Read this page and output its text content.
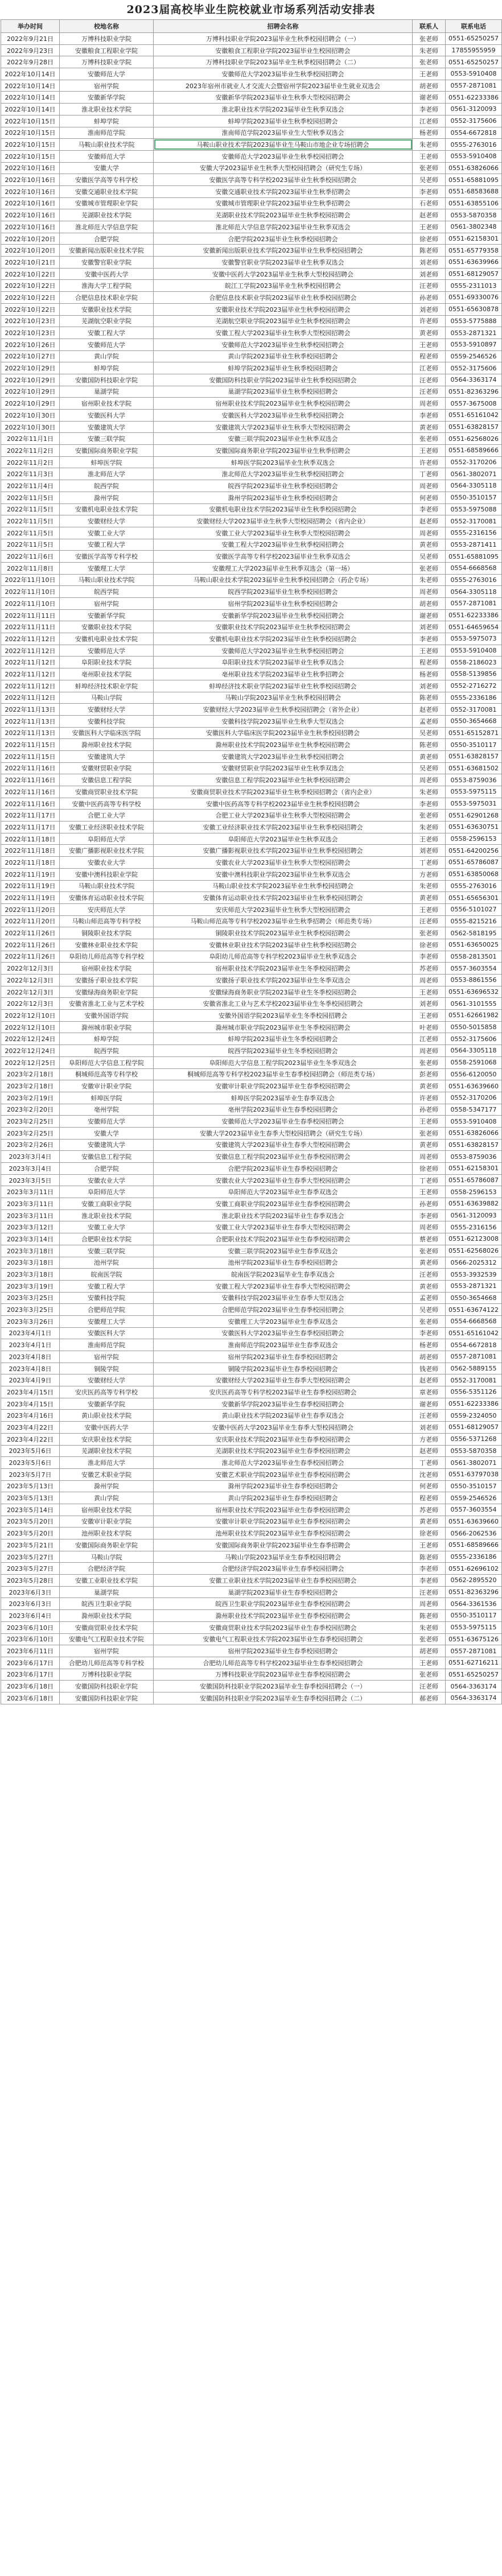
2023届高校毕业生院校就业市场系列活动安排表
举办时间	校地名称	招聘会名称	联系人	联系电话
2022年9月21日	万博科技职业学院	万博科技职业学院2023届毕业生秋季校园招聘会（一）	张老师	0551-65250257
2022年9月23日	安徽粮食工程职业学院	安徽粮食工程职业学院2023届毕业生校园招聘会	朱老师	17855955959
2022年9月28日	万博科技职业学院	万博科技职业学院2023届毕业生秋季校园招聘会（二）	张老师	0551-65250257
2022年10月14日	安徽师范大学	安徽师范大学2023届毕业生秋季校园招聘会	王老师	0553-5910408
2022年10月14日	宿州学院	2023年宿州市就业人才交流大会暨宿州学院2023届毕业生就业双选会	胡老师	0557-2871081
2022年10月14日	安徽新华学院	安徽新华学院2023届毕业生秋季大型校园招聘会	谢老师	0551-62233386
2022年10月14日	淮北职业技术学院	淮北职业技术学院2023届毕业生秋季双选会	李老师	0561-3120093
2022年10月15日	蚌埠学院	蚌埠学院2023届毕业生秋季校园招聘会	江老师	0552-3175606
2022年10月15日	淮南师范学院	淮南师范学院2023届毕业生大型秋季双选会	杨老师	0554-6672818
2022年10月15日	马鞍山职业技术学院	马鞍山职业技术学院2023届毕业生马鞍山市地企业专场招聘会	朱老师	0555-2763016
2022年10月15日	安徽师范大学	安徽师范大学2023届毕业生秋季校园招聘会	王老师	0553-5910408
2022年10月16日	安徽大学	安徽大学2023届毕业生秋季大型校园招聘会（研究生专场）	张老师	0551-63826066
2022年10月16日	安徽医学高等专科学校	安徽医学高等专科学校2023届毕业生秋季校园招聘会	吴老师	0551-65881095
2022年10月16日	安徽交通职业技术学院	安徽交通职业技术学院2023届毕业生秋季招聘会	李老师	0551-68583688
2022年10月16日	安徽城市管理职业学院	安徽城市管理职业学院2023届毕业生秋季招聘会	石老师	0551-63855106
2022年10月16日	芜湖职业技术学院	芜湖职业技术学院2023届毕业生秋季校园招聘会	赵老师	0553-5870358
2022年10月16日	淮北师范大学信息学院	淮北师范大学信息学院2023届毕业生秋季双选会	王老师	0561-3802348
2022年10月20日	合肥学院	合肥学院2023届毕业生秋季校园招聘会	徐老师	0551-62158301
2022年10月20日	安徽新闻出版职业技术学院	安徽新闻出版职业技术学院2023届毕业生秋季校园招聘会	陈老师	0551-65779358
2022年10月21日	安徽警官职业学院	安徽警官职业学院2023届毕业生秋季双选会	刘老师	0551-63639966
2022年10月22日	安徽中医药大学	安徽中医药大学2023届毕业生秋季大型校园招聘会	刘老师	0551-68129057
2022年10月22日	淮海大学工程学院	皖江工学院2023届毕业生秋季校园招聘会	汪老师	0555-2311013
2022年10月22日	合肥信息技术职业学院	合肥信息技术职业学院2023届毕业生秋季校园招聘会	孙老师	0551-69330076
2022年10月22日	安徽职业技术学院	安徽职业技术学院2023届毕业生秋季校园招聘会	刘老师	0551-65630878
2022年10月23日	芜湖航空职业学院	芜湖航空职业学院2023届毕业生秋季校园招聘会	许老师	0553-5775888
2022年10月23日	安徽工程大学	安徽工程大学2023届毕业生秋季大型校园招聘会	黄老师	0553-2871321
2022年10月26日	安徽师范大学	安徽师范大学2023届毕业生秋季校园招聘会	王老师	0553-5910897
2022年10月27日	黄山学院	黄山学院2023届毕业生秋季校园招聘会	程老师	0559-2546526
2022年10月29日	蚌埠学院	蚌埠学院2023届毕业生秋季校园招聘会	江老师	0552-3175606
2022年10月29日	安徽国防科技职业学院	安徽国防科技职业学院2023届毕业生秋季校园招聘会	汪老师	0564-3363174
2022年10月29日	巢湖学院	巢湖学院2023届毕业生秋季校园招聘会	汪老师	0551-82363296
2022年10月29日	宿州职业技术学院	宿州职业技术学院2023届毕业生秋季校园招聘会	周老师	0557-3675008
2022年10月30日	安徽医科大学	安徽医科大学2023届毕业生秋季校园招聘会	李老师	0551-65161042
2022年10月30日	安徽建筑大学	安徽建筑大学2023届毕业生秋季大型校园招聘会	黄老师	0551-63828157
2022年11月1日	安徽三联学院	安徽三联学院2023届毕业生秋季双选会	张老师	0551-62568026
2022年11月2日	安徽国际商务职业学院	安徽国际商务职业学院2023届毕业生秋季招聘会	王老师	0551-68589666
2022年11月2日	蚌埠医学院	蚌埠医学院2023届毕业生秋季双选会	许老师	0552-3170206
2022年11月3日	淮北师范大学	淮北师范大学2023届毕业生秋季校园招聘会	丁老师	0561-3802071
2022年11月4日	皖西学院	皖西学院2023届毕业生秋季校园招聘会	周老师	0564-3305118
2022年11月5日	滁州学院	滁州学院2023届毕业生秋季校园招聘会	何老师	0550-3510157
2022年11月5日	安徽机电职业技术学院	安徽机电职业技术学院2023届毕业生秋季校园招聘会	李老师	0553-5975088
2022年11月5日	安徽财经大学	安徽财经大学2023届毕业生秋季大型校园招聘会（省内企业）	赵老师	0552-3170081
2022年11月5日	安徽工业大学	安徽工业大学2023届毕业生秋季大型校园招聘会	周老师	0555-2316156
2022年11月5日	安徽工程大学	安徽工程大学2023届毕业生秋季校园招聘会	黄老师	0553-2871411
2022年11月6日	安徽医学高等专科学校	安徽医学高等专科学校2023届毕业生秋季双选会	吴老师	0551-65881095
2022年11月8日	安徽理工大学	安徽理工大学2023届毕业生秋季双选会（第一场）	张老师	0554-6668568
2022年11月10日	马鞍山职业技术学院	马鞍山职业技术学院2023届毕业生秋季校园招聘会（药企专场）	朱老师	0555-2763016
2022年11月10日	皖西学院	皖西学院2023届毕业生秋季校园招聘会	周老师	0564-3305118
2022年11月10日	宿州学院	宿州学院2023届毕业生秋季校园招聘会	胡老师	0557-2871081
2022年11月11日	安徽新华学院	安徽新华学院2023届毕业生秋季校园招聘会	谢老师	0551-62233386
2022年11月11日	安徽职业技术学院	安徽职业技术学院2023届毕业生秋季校园招聘会	刘老师	0551-64659654
2022年11月12日	安徽机电职业技术学院	安徽机电职业技术学院2023届毕业生秋季校园招聘会	李老师	0553-5975073
2022年11月12日	安徽师范大学	安徽师范大学2023届毕业生秋季校园招聘会	王老师	0553-5910408
2022年11月12日	阜阳职业技术学院	阜阳职业技术学院2023届毕业生秋季双选会	程老师	0558-2186023
2022年11月12日	亳州职业技术学院	亳州职业技术学院2023届毕业生秋季招聘会	杨老师	0558-5139856
2022年11月12日	蚌埠经济技术职业学院	蚌埠经济技术职业学院2023届毕业生秋季校园招聘会	刘老师	0552-2716272
2022年11月12日	马鞍山学院	马鞍山学院2023届毕业生秋季校园招聘会	陈老师	0555-2336186
2022年11月13日	安徽财经大学	安徽财经大学2023届毕业生秋季校园招聘会（省外企业）	赵老师	0552-3170081
2022年11月13日	安徽科技学院	安徽科技学院2023届毕业生秋季大型双选会	孟老师	0550-3654668
2022年11月13日	安徽医科大学临床医学院	安徽医科大学临床医学院2023届毕业生秋季校园招聘会	吴老师	0551-65152871
2022年11月15日	滁州职业技术学院	滁州职业技术学院2023届毕业生秋季校园招聘会	陈老师	0550-3510117
2022年11月15日	安徽建筑大学	安徽建筑大学2023届毕业生秋季校园招聘会	黄老师	0551-63828157
2022年11月16日	安徽财贸职业学院	安徽财贸职业学院2023届毕业生秋季双选会	吴老师	0551-63681502
2022年11月16日	安徽信息工程学院	安徽信息工程学院2023届毕业生秋季校园招聘会	周老师	0553-8759036
2022年11月16日	安徽商贸职业技术学院	安徽商贸职业技术学院2023届毕业生秋季校园招聘会（省内企业）	朱老师	0553-5975115
2022年11月16日	安徽中医药高等专科学校	安徽中医药高等专科学校2023届毕业生秋季校园招聘会	李老师	0553-5975031
2022年11月17日	合肥工业大学	合肥工业大学2023届毕业生秋季大型校园招聘会	张老师	0551-62901268
2022年11月17日	安徽工业经济职业技术学院	安徽工业经济职业技术学院2023届毕业生秋季校园招聘会	朱老师	0551-63630751
2022年11月18日	阜阳师范大学	阜阳师范大学2023届毕业生秋季双选会	王老师	0558-2596153
2022年11月18日	安徽广播影视职业技术学院	安徽广播影视职业技术学院2023届毕业生秋季校园招聘会	刘老师	0551-64200256
2022年11月18日	安徽农业大学	安徽农业大学2023届毕业生秋季大型校园招聘会	丁老师	0551-65786087
2022年11月19日	安徽中澳科技职业学院	安徽中澳科技职业学院2023届毕业生秋季双选会	方老师	0551-63850068
2022年11月19日	马鞍山职业技术学院	马鞍山职业技术学院2023届毕业生秋季校园招聘会	朱老师	0555-2763016
2022年11月19日	安徽体育运动职业技术学院	安徽体育运动职业技术学院2023届毕业生秋季校园招聘会	黄老师	0551-65656301
2022年11月20日	安庆师范大学	安庆师范大学2023届毕业生秋季大型校园招聘会	王老师	0556-5101027
2022年11月20日	马鞍山师范高等专科学校	马鞍山师范高等专科学校2023届毕业生秋季招聘会（师范类专场）	汪老师	0555-8215216
2022年11月26日	铜陵职业技术学院	铜陵职业技术学院2023届毕业生秋季校园招聘会	张老师	0562-5818195
2022年11月26日	安徽林业职业技术学院	安徽林业职业技术学院2023届毕业生秋季校园招聘会	徐老师	0551-63650025
2022年11月26日	阜阳幼儿师范高等专科学校	阜阳幼儿师范高等专科学校2023届毕业生秋季双选会	李老师	0558-2813501
2022年12月3日	宿州职业技术学院	宿州职业技术学院2023届毕业生冬季校园招聘会	苏老师	0557-3603554
2022年12月3日	安徽扬子职业技术学院	安徽扬子职业技术学院2023届毕业生冬季双选会	周老师	0553-8861556
2022年12月3日	安徽绿海商务职业学院	安徽绿海商务职业学院2023届毕业生冬季校园招聘会	王老师	0551-63696532
2022年12月3日	安徽省淮北工业与艺术学校	安徽省淮北工业与艺术学校2023届毕业生冬季校园招聘会	刘老师	0561-3101555
2022年12月10日	安徽外国语学院	安徽外国语学院2023届毕业生冬季校园招聘会	王老师	0551-62661982
2022年12月10日	滁州城市职业学院	滁州城市职业学院2023届毕业生冬季校园招聘会	叶老师	0550-5015858
2022年12月24日	蚌埠学院	蚌埠学院2023届毕业生冬季校园招聘会	江老师	0552-3175606
2022年12月24日	皖西学院	皖西学院2023届毕业生冬季校园招聘会	周老师	0564-3305118
2022年12月25日	阜阳师范大学信息工程学院	阜阳师范大学信息工程学院2023届毕业生冬季双选会	张老师	0558-2591068
2023年2月18日	桐城师范高等专科学校	桐城师范高等专科学校2023届毕业生春季校园招聘会（师范类专场）	彭老师	0556-6120050
2023年2月18日	安徽审计职业学院	安徽审计职业学院2023届毕业生春季校园招聘会	黄老师	0551-63639660
2023年2月19日	蚌埠医学院	蚌埠医学院2023届毕业生春季双选会	许老师	0552-3170206
2023年2月20日	亳州学院	亳州学院2023届毕业生春季校园招聘会	孙老师	0558-5347177
2023年2月25日	安徽师范大学	安徽师范大学2023届毕业生春季校园招聘会	王老师	0553-5910408
2023年2月25日	安徽大学	安徽大学2023届毕业生春季大型校园招聘会（研究生专场）	张老师	0551-63826066
2023年2月26日	安徽建筑大学	安徽建筑大学2023届毕业生春季大型校园招聘会	黄老师	0551-63828157
2023年3月4日	安徽信息工程学院	安徽信息工程学院2023届毕业生春季校园招聘会	周老师	0553-8759036
2023年3月4日	合肥学院	合肥学院2023届毕业生春季校园招聘会	徐老师	0551-62158301
2023年3月5日	安徽农业大学	安徽农业大学2023届毕业生春季大型校园招聘会	丁老师	0551-65786087
2023年3月11日	阜阳师范大学	阜阳师范大学2023届毕业生春季双选会	王老师	0558-2596153
2023年3月11日	安徽工商职业学院	安徽工商职业学院2023届毕业生春季校园招聘会	孙老师	0551-63639882
2023年3月11日	淮北职业技术学院	淮北职业技术学院2023届毕业生春季双选会	李老师	0561-3120093
2023年3月12日	安徽工业大学	安徽工业大学2023届毕业生春季大型校园招聘会	周老师	0555-2316156
2023年3月14日	合肥职业技术学院	合肥职业技术学院2023届毕业生春季校园招聘会	蔡老师	0551-62123008
2023年3月18日	安徽三联学院	安徽三联学院2023届毕业生春季双选会	张老师	0551-62568026
2023年3月18日	池州学院	池州学院2023届毕业生春季校园招聘会	黄老师	0566-2025312
2023年3月18日	皖南医学院	皖南医学院2023届毕业生春季双选会	汪老师	0553-3932539
2023年3月19日	安徽工程大学	安徽工程大学2023届毕业生春季大型校园招聘会	黄老师	0553-2871321
2023年3月25日	安徽科技学院	安徽科技学院2023届毕业生春季大型双选会	孟老师	0550-3654668
2023年3月25日	合肥师范学院	合肥师范学院2023届毕业生春季校园招聘会	吴老师	0551-63674122
2023年3月26日	安徽理工大学	安徽理工大学2023届毕业生春季双选会	张老师	0554-6668568
2023年4月1日	安徽医科大学	安徽医科大学2023届毕业生春季校园招聘会	李老师	0551-65161042
2023年4月1日	淮南师范学院	淮南师范学院2023届毕业生春季双选会	杨老师	0554-6672818
2023年4月8日	宿州学院	宿州学院2023届毕业生春季校园招聘会	胡老师	0557-2871081
2023年4月8日	铜陵学院	铜陵学院2023届毕业生春季校园招聘会	钱老师	0562-5889155
2023年4月9日	安徽财经大学	安徽财经大学2023届毕业生春季大型校园招聘会	赵老师	0552-3170081
2023年4月15日	安庆医药高等专科学校	安庆医药高等专科学校2023届毕业生春季校园招聘会	章老师	0556-5351126
2023年4月15日	安徽新华学院	安徽新华学院2023届毕业生春季校园招聘会	谢老师	0551-62233386
2023年4月16日	黄山职业技术学院	黄山职业技术学院2023届毕业生春季双选会	汪老师	0559-2324050
2023年4月22日	安徽中医药大学	安徽中医药大学2023届毕业生春季大型校园招聘会	刘老师	0551-68129057
2023年4月22日	安庆职业技术学院	安庆职业技术学院2023届毕业生春季校园招聘会	方老师	0556-5371268
2023年5月6日	芜湖职业技术学院	芜湖职业技术学院2023届毕业生春季校园招聘会	赵老师	0553-5870358
2023年5月6日	淮北师范大学	淮北师范大学2023届毕业生春季校园招聘会	丁老师	0561-3802071
2023年5月7日	安徽艺术职业学院	安徽艺术职业学院2023届毕业生春季校园招聘会	沈老师	0551-63797038
2023年5月13日	滁州学院	滁州学院2023届毕业生春季校园招聘会	何老师	0550-3510157
2023年5月13日	黄山学院	黄山学院2023届毕业生春季校园招聘会	程老师	0559-2546526
2023年5月14日	宿州职业技术学院	宿州职业技术学院2023届毕业生春季校园招聘会	苏老师	0557-3603554
2023年5月20日	安徽审计职业学院	安徽审计职业学院2023届毕业生春季校园招聘会	黄老师	0551-63639660
2023年5月20日	池州职业技术学院	池州职业技术学院2023届毕业生春季校园招聘会	徐老师	0566-2062536
2023年5月21日	安徽国际商务职业学院	安徽国际商务职业学院2023届毕业生春季招聘会	王老师	0551-68589666
2023年5月27日	马鞍山学院	马鞍山学院2023届毕业生春季校园招聘会	陈老师	0555-2336186
2023年5月27日	合肥经济学院	合肥经济学院2023届毕业生春季校园招聘会	李老师	0551-62696102
2023年5月28日	安徽工业职业技术学院	安徽工业职业技术学院2023届毕业生春季校园招聘会	李老师	0562-2895520
2023年6月3日	巢湖学院	巢湖学院2023届毕业生春季校园招聘会	汪老师	0551-82363296
2023年6月3日	皖西卫生职业学院	皖西卫生职业学院2023届毕业生春季校园招聘会	周老师	0564-3361536
2023年6月4日	滁州职业技术学院	滁州职业技术学院2023届毕业生春季校园招聘会	陈老师	0550-3510117
2023年6月10日	安徽商贸职业技术学院	安徽商贸职业技术学院2023届毕业生春季校园招聘会	朱老师	0553-5975115
2023年6月10日	安徽电气工程职业技术学院	安徽电气工程职业技术学院2023届毕业生春季校园招聘会	张老师	0551-63675126
2023年6月11日	宿州学院	宿州学院2023届毕业生春季校园招聘会	胡老师	0557-2871081
2023年6月17日	合肥幼儿师范高等专科学校	合肥幼儿师范高等专科学校2023届毕业生春季校园招聘会	王老师	0551-62716211
2023年6月17日	万博科技职业学院	万博科技职业学院2023届毕业生春季校园招聘会	张老师	0551-65250257
2023年6月18日	安徽国防科技职业学院	安徽国防科技职业学院2023届毕业生春季校园招聘会（一）	汪老师	0564-3363174
2023年6月18日	安徽国防科技职业学院	安徽国防科技职业学院2023届毕业生春季校园招聘会（二）	郝老师	0564-3363174
